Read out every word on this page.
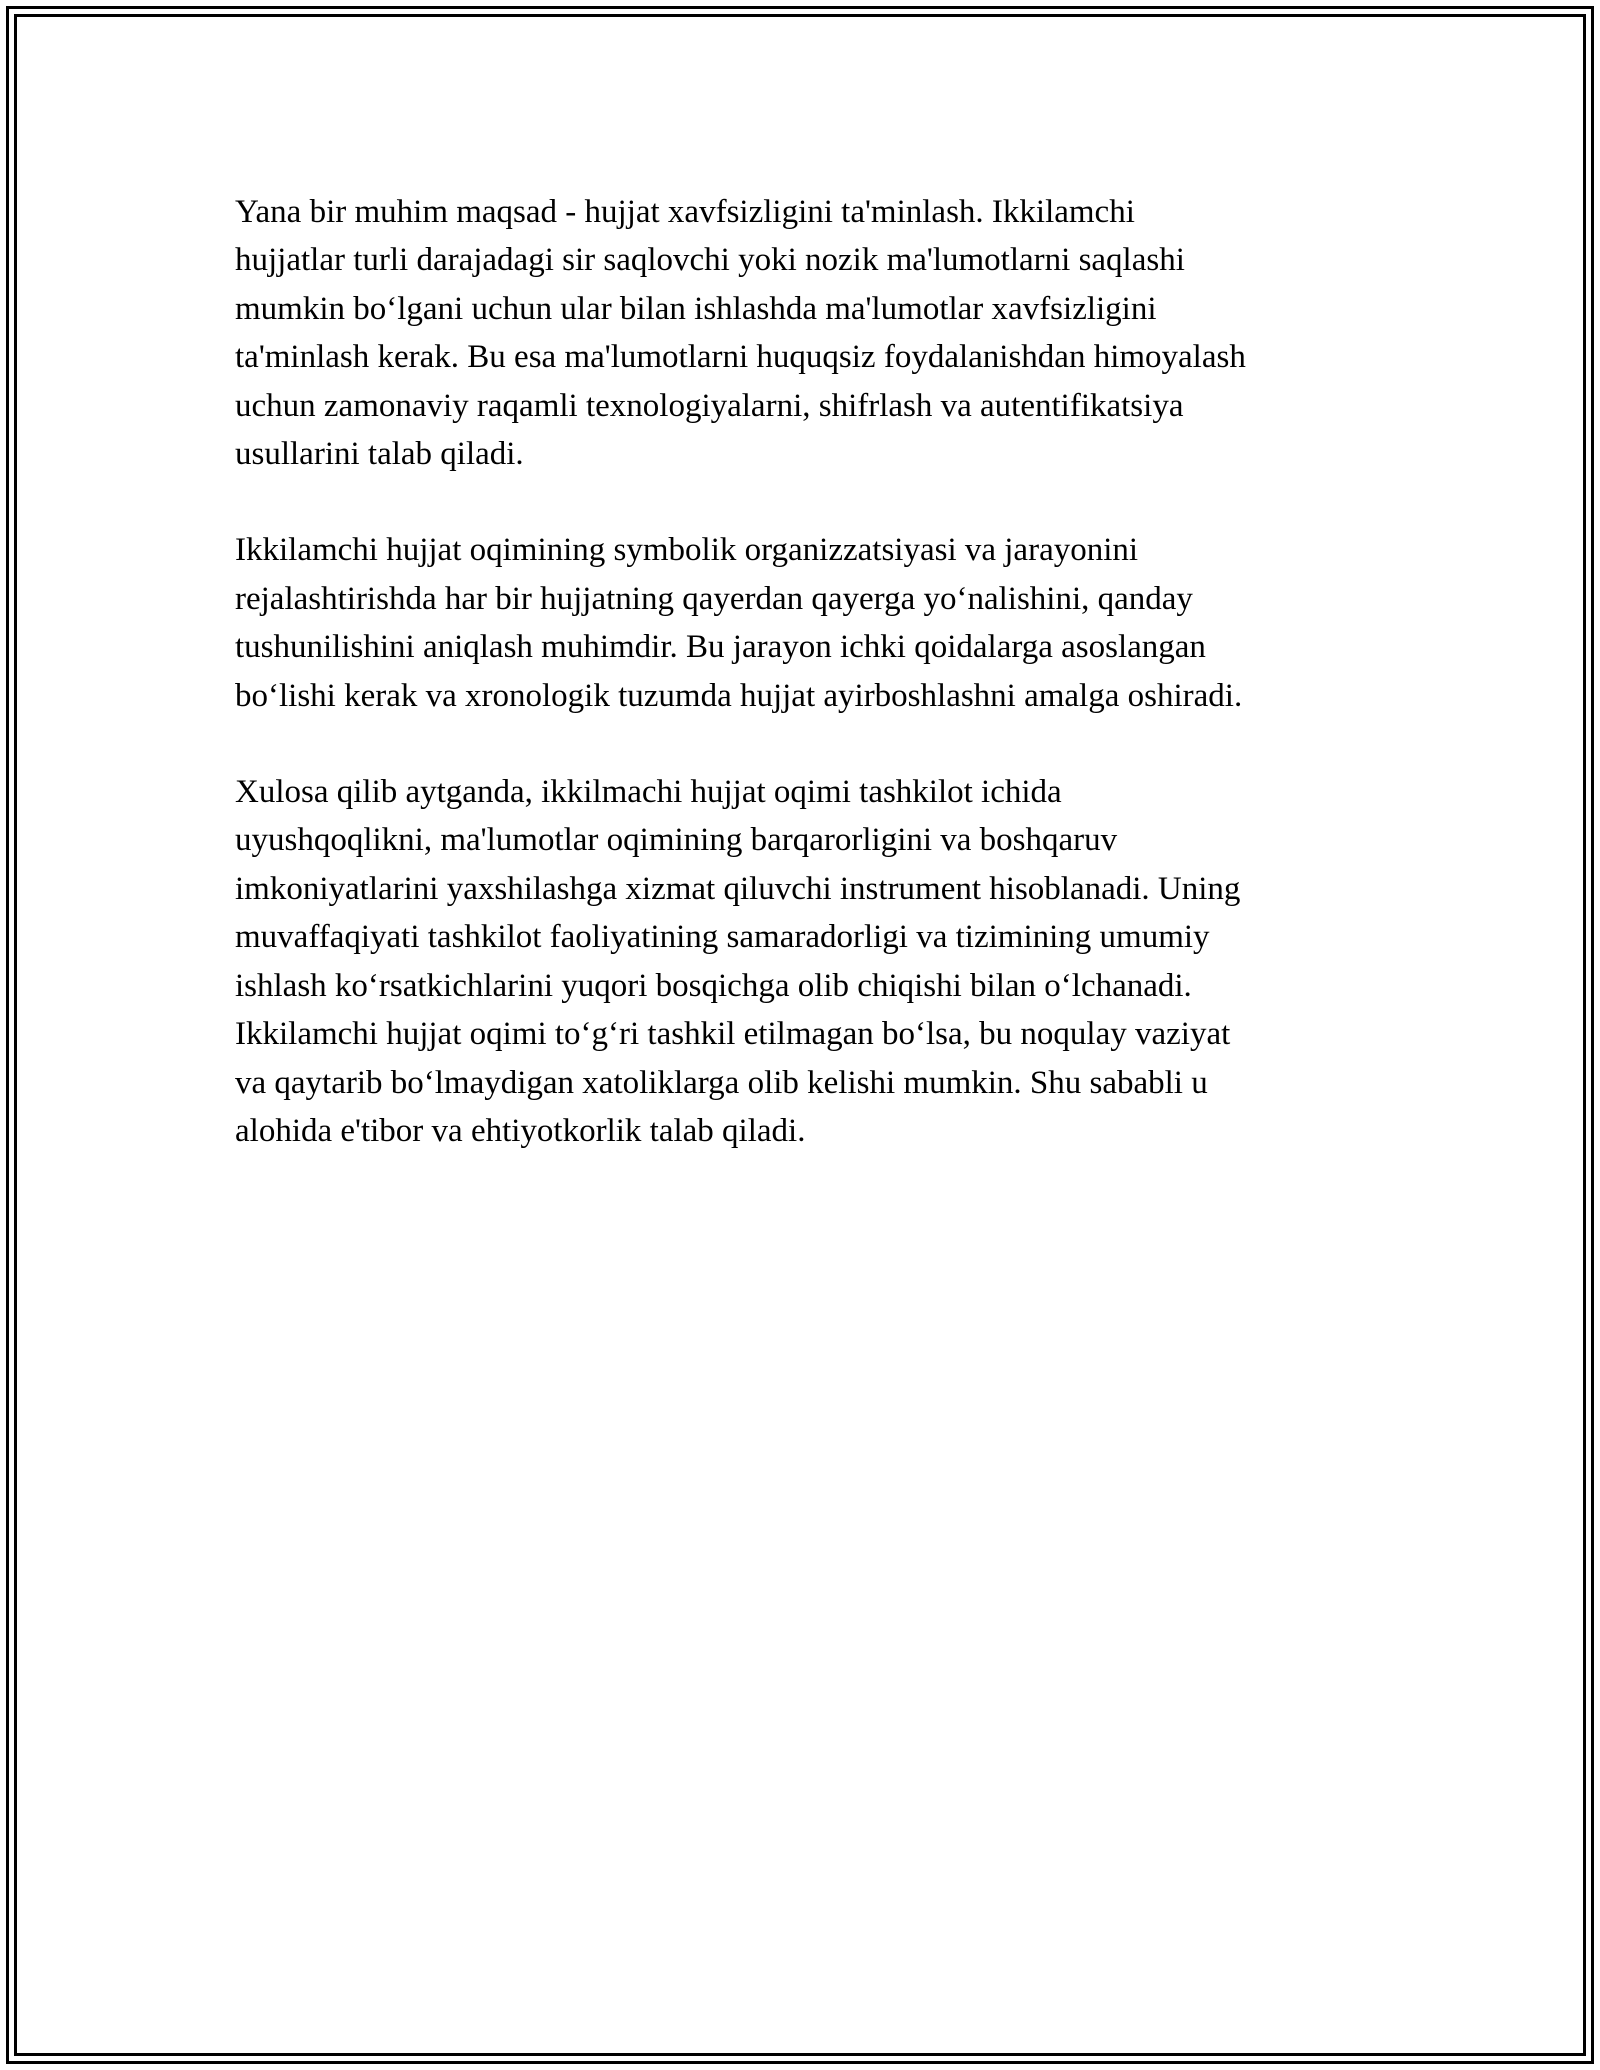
Yana bir muhim maqsad - hujjat xavfsizligini ta'minlash. Ikkilamchi
hujjatlar turli darajadagi sir saqlovchi yoki nozik ma'lumotlarni saqlashi
mumkin bo‘lgani uchun ular bilan ishlashda ma'lumotlar xavfsizligini
ta'minlash kerak. Bu esa ma'lumotlarni huquqsiz foydalanishdan himoyalash
uchun zamonaviy raqamli texnologiyalarni, shifrlash va autentifikatsiya
usullarini talab qiladi.

Ikkilamchi hujjat oqimining symbolik organizzatsiyasi va jarayonini
rejalashtirishda har bir hujjatning qayerdan qayerga yo‘nalishini, qanday
tushunilishini aniqlash muhimdir. Bu jarayon ichki qoidalarga asoslangan
bo‘lishi kerak va xronologik tuzumda hujjat ayirboshlashni amalga oshiradi.

Xulosa qilib aytganda, ikkilmachi hujjat oqimi tashkilot ichida
uyushqoqlikni, ma'lumotlar oqimining barqarorligini va boshqaruv
imkoniyatlarini yaxshilashga xizmat qiluvchi instrument hisoblanadi. Uning
muvaffaqiyati tashkilot faoliyatining samaradorligi va tizimining umumiy
ishlash ko‘rsatkichlarini yuqori bosqichga olib chiqishi bilan o‘lchanadi.
Ikkilamchi hujjat oqimi to‘g‘ri tashkil etilmagan bo‘lsa, bu noqulay vaziyat
va qaytarib bo‘lmaydigan xatoliklarga olib kelishi mumkin. Shu sababli u
alohida e'tibor va ehtiyotkorlik talab qiladi.
